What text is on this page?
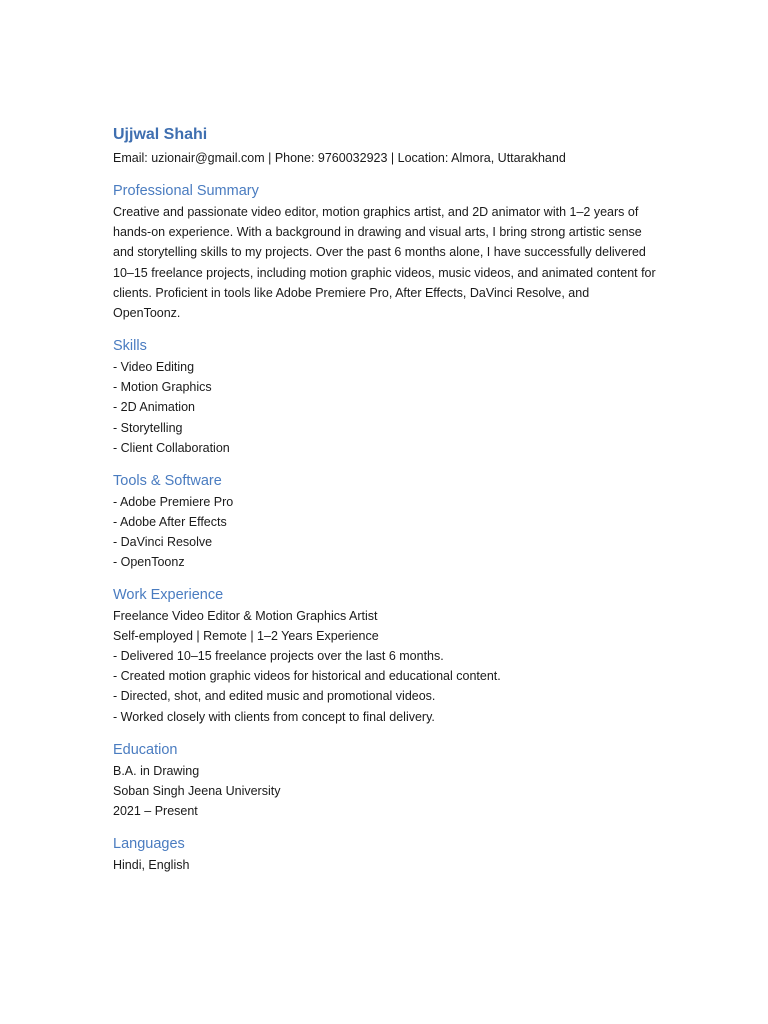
Ujjwal Shahi

Email: uzionair@gmail.com | Phone: 9760032923 | Location: Almora, Uttarakhand

Professional Summary

Creative and passionate video editor, motion graphics artist, and 2D animator with 1–2 years of hands-on experience. With a background in drawing and visual arts, I bring strong artistic sense and storytelling skills to my projects. Over the past 6 months alone, I have successfully delivered 10–15 freelance projects, including motion graphic videos, music videos, and animated content for clients. Proficient in tools like Adobe Premiere Pro, After Effects, DaVinci Resolve, and OpenToonz.

Skills

- Video Editing

- Motion Graphics

- 2D Animation

- Storytelling

- Client Collaboration

Tools & Software

- Adobe Premiere Pro

- Adobe After Effects

- DaVinci Resolve

- OpenToonz

Work Experience

Freelance Video Editor & Motion Graphics Artist

Self-employed | Remote | 1–2 Years Experience

- Delivered 10–15 freelance projects over the last 6 months.

- Created motion graphic videos for historical and educational content.

- Directed, shot, and edited music and promotional videos.

- Worked closely with clients from concept to final delivery.

Education

B.A. in Drawing

Soban Singh Jeena University

2021 – Present

Languages

Hindi, English
